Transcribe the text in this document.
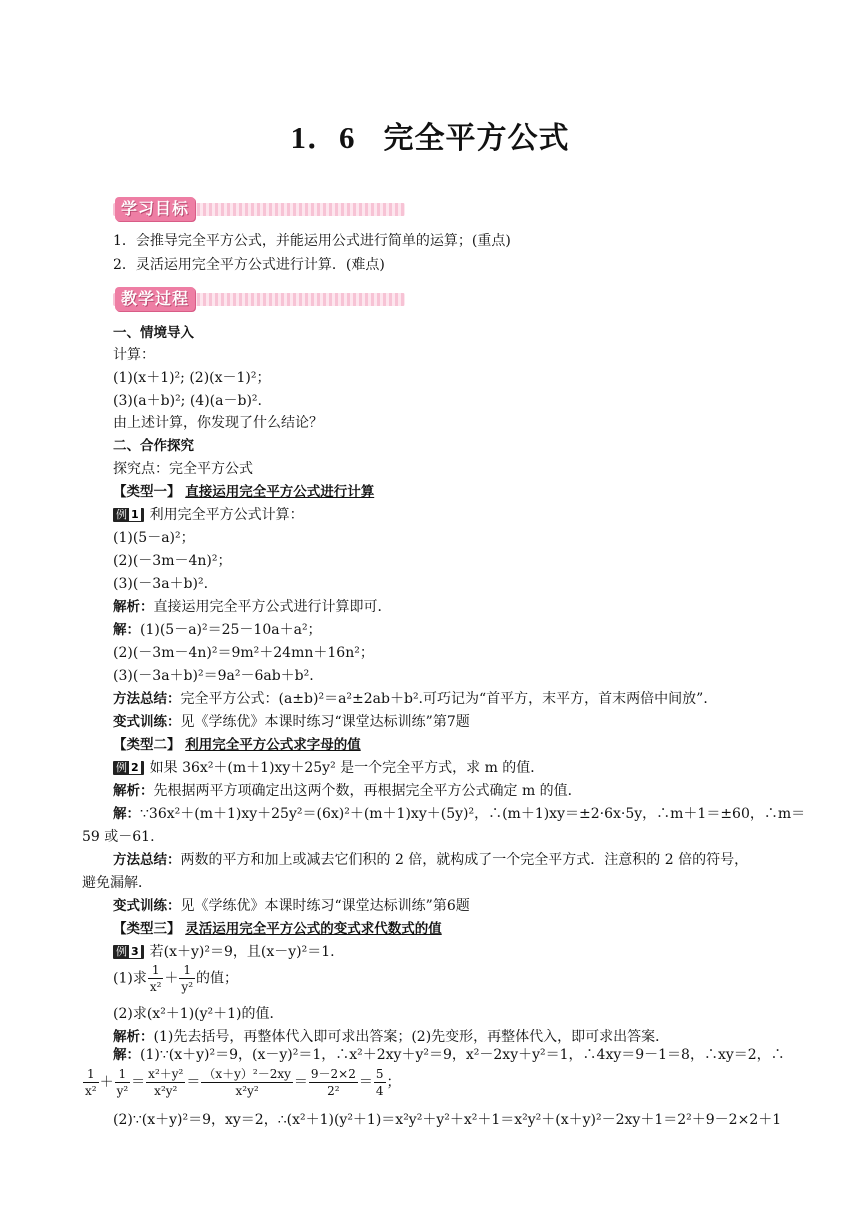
1．6 完全平方公式
学习目标
1．会推导完全平方公式，并能运用公式进行简单的运算；(重点)
2．灵活运用完全平方公式进行计算．(难点)
教学过程
一、情境导入
计算：
(1)(x＋1)²; (2)(x－1)²；
(3)(a＋b)²; (4)(a－b)².
由上述计算，你发现了什么结论？
二、合作探究
探究点：完全平方公式
【类型一】 直接运用完全平方公式进行计算
例 1 利用完全平方公式计算：
(1)(5－a)²；
(2)(－3m－4n)²；
(3)(－3a＋b)².
解析：直接运用完全平方公式进行计算即可．
解：(1)(5－a)²＝25－10a＋a²；
(2)(－3m－4n)²＝9m²＋24mn＋16n²；
(3)(－3a＋b)²＝9a²－6ab＋b².
方法总结：完全平方公式：(a±b)²＝a²±2ab＋b².可巧记为“首平方，末平方，首末两倍中间放”．
变式训练：见《学练优》本课时练习“课堂达标训练”第7题
【类型二】 利用完全平方公式求字母的值
例 2 如果 36x²＋(m＋1)xy＋25y² 是一个完全平方式，求 m 的值．
解析：先根据两平方项确定出这两个数，再根据完全平方公式确定 m 的值．
解：∵36x²＋(m＋1)xy＋25y²＝(6x)²＋(m＋1)xy＋(5y)²，∴(m＋1)xy＝±2·6x·5y，∴m＋1＝±60，∴m＝
59 或－61.
方法总结：两数的平方和加上或减去它们积的 2 倍，就构成了一个完全平方式．注意积的 2 倍的符号，
避免漏解．
变式训练：见《学练优》本课时练习“课堂达标训练”第6题
【类型三】 灵活运用完全平方公式的变式求代数式的值
例 3 若(x＋y)²＝9，且(x－y)²＝1.
(1)求 $\frac{1}{\text{x²}} + \frac{1}{\text{y²}}$ 的值；
(2)求(x²＋1)(y²＋1)的值．
解析：(1)先去括号，再整体代入即可求出答案；(2)先变形，再整体代入，即可求出答案．
解：(1)∵(x＋y)²＝9，(x－y)²＝1，∴x²＋2xy＋y²＝9，x²－2xy＋y²＝1，∴4xy＝9－1＝8，∴xy＝2，∴
$\frac{1}{\text{x²}} + \frac{1}{\text{y²}} = \frac{\text{x²＋y²}}{\text{x²y²}} = \frac{\text{（x＋y）²－2xy}}{\text{x²y²}} = \frac{9-2\times 2}{\text{2²}} = \frac{5}{4}$ ；
(2)∵(x＋y)²＝9，xy＝2，∴(x²＋1)(y²＋1)＝x²y²＋y²＋x²＋1＝x²y²＋(x＋y)²－2xy＋1＝2²＋9－2×2＋1
